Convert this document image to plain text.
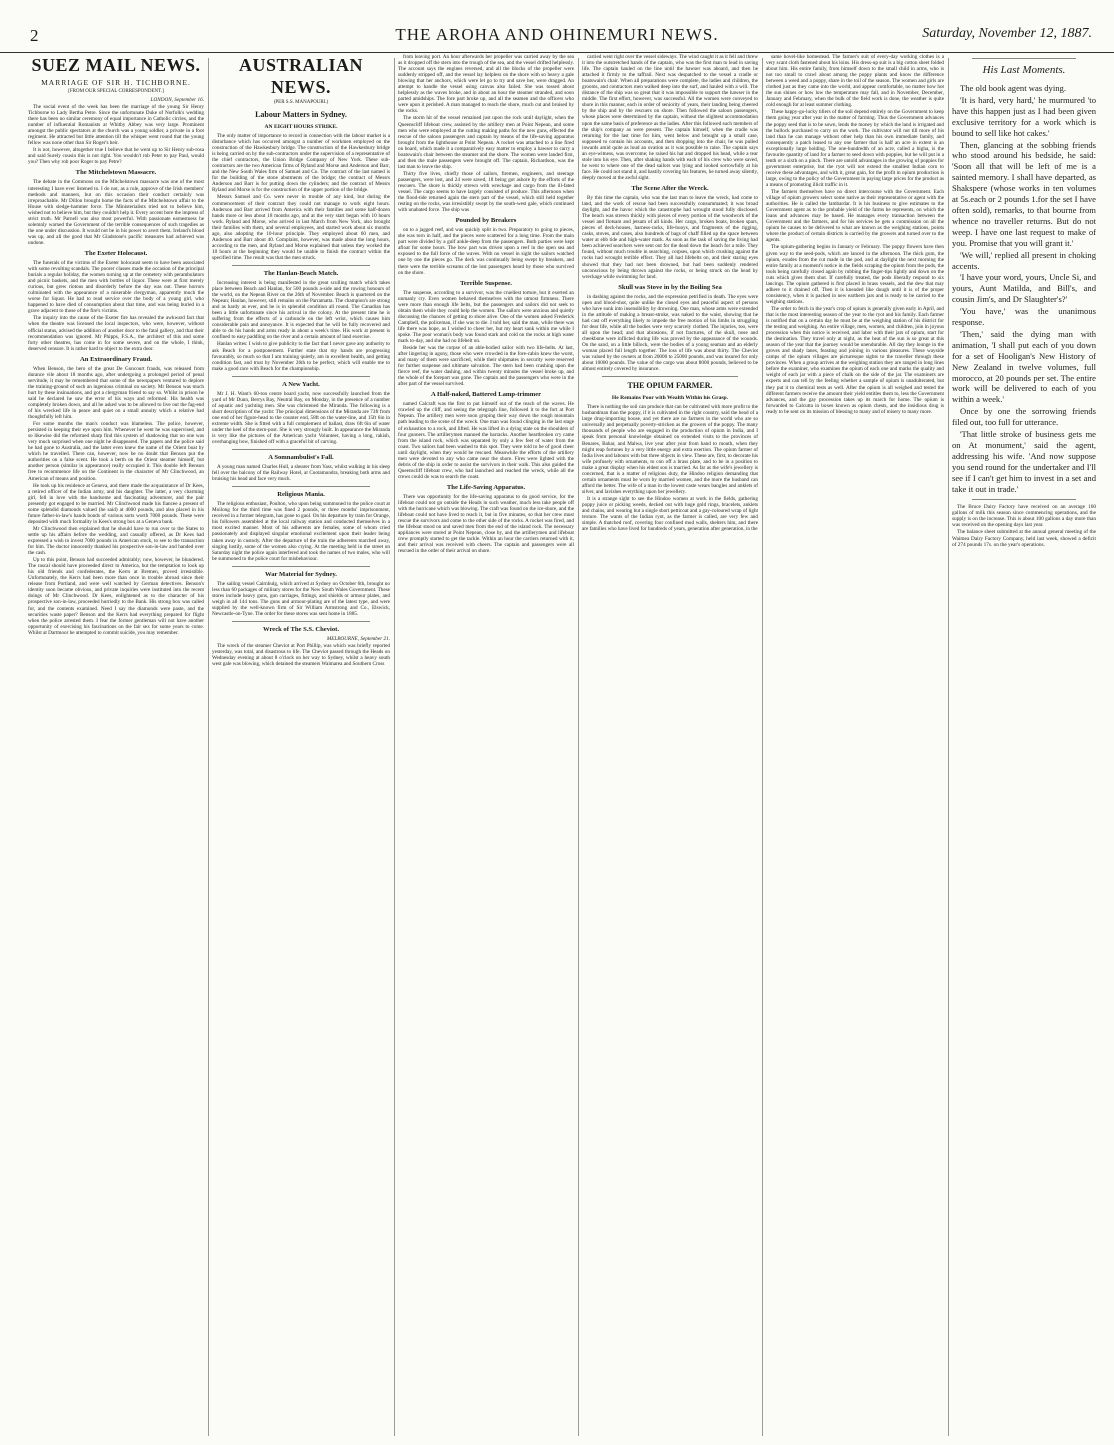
2	THE AROHA AND OHINEMURI NEWS.	Saturday, November 12, 1887.
SUEZ MAIL NEWS.
MARRIAGE OF SIR H. TICHBORNE.
[FROM OUR SPECIAL CORRESPONDENT.]
LONDON, September 16.

The social event of the week has been the marriage of the young Sir Henry Tichborne to Lady Bertha Petre. Since the unfortunate Duke of Norfolk's wedding there has been no similar ceremony of equal importance in Catholic circles, and the number of influential Romanists at Whitby Abbey was very large. Prominent amongst the public spectators at the church was a young soldier, a private in a foot regiment. He attracted but little attention till the whisper went round that the young fellow was none other than Sir Roger's heir.

It is not, however, altogether true I believe that he went up to Sir Henry sub-rosa and said Surely cousin this is not right. You wouldn't rob Peter to pay Paul, would you? Then why rob poor Roger to pay Petre?

The Mitchelstown Massacre.

The debate in the Commons on the Mitchelstown massacre was one of the most interesting I have ever listened to. I do not, as a rule, approve of the Irish members' methods and manners, but on this occasion their conduct certainly was irreproachable. Mr Dillon brought home the facts of the Mitchelstown affair to the House with sledge-hammer force. The Ministerialists tried not to believe him, wished not to believe him, but they couldn't help it. Every accent bore the impress of strict truth. Mr Parnell was also most powerful. With passionate earnestness he solemnly warned the Government of the terrible consequences of such tragedies as the one under discussion. It would not be in his power to avert them. Ireland's blood was up, and all the good that Mr Gladstone's pacific measures had achieved was undone.

The Exeter Holocaust.

The funerals of the victims of the Exeter holocaust seem to have been associated with some revolting scandals. The poorer classes made the occasion of the principal burials a regular holiday, the women turning up at the cemetery with perambulators and picnic baskets, and the men with bottles of liquor. These were at first merely curious, but grew riotous and disorderly before the day was out. These horrors culminated with the appearance of a miserable clergyman, apparently much the worse for liquor. He had to read service over the body of a young girl, who happened to have died of consumption about that time, and was being buried in a grave adjacent to those of the fire's victims.

The inquiry into the cause of the Exeter fire has revealed the awkward fact that when the theatre was licensed the local inspectors, who were, however, without official status, advised the addition of another door to the fatal gallery, and that their recommendation was ignored. Mr Phipps, F.S.A., the architect of this and some forty other theatres, has come in for some severe, and on the whole, I think, deserved censure. It is rather hard to object to the extra door.

An Extraordinary Fraud.

When Benson, the hero of the great De Goncourt frauds, was released from durance vile about 18 months ago, after undergoing a prolonged period of penal servitude, it may be remembered that some of the newspapers ventured to deplore the training-ground of such an ingenious criminal on society. Mr Benson was much hurt by these insinuations, and got a clergyman friend to say so. Whilst in prison he said he declared he saw the error of his ways and reformed. His health was completely broken down, and all he asked was to be allowed to live out the fag-end of his wrecked life in peace and quiet on a small annuity which a relative had thoughtfully left him.

For some months the man's conduct was blameless. The police, however, persisted in keeping their eye upon him. Whenever he went he was supervised, and so likewise did the reformed sharp find this system of shadowing that no one was very much surprised when one night he disappeared. The papers and the police said he had gone to Australia, and the latter even knew the name of the Orient boat by which he travelled. There can, however, now be no doubt that Benson put the authorities on a false scent. He took a berth on the Orient steamer himself, but another person (similar in appearance) really occupied it. This double left Benson free to recommence life on the Continent in the character of Mr Clinchwood, an American of means and position.

He took up his residence at Geneva, and there made the acquaintance of Dr Kees, a retired officer of the Indian army, and his daughter. The latter, a very charming girl, fell in love with the handsome and fascinating adventurer, and the pair presently got engaged to be married. Mr Clinchwood made his fiancee a present of some splendid diamonds valued (he said) at 4000 pounds, and also placed in his future father-in-law's hands bonds of various sorts worth 7000 pounds. These were deposited with much formality in Kees's strong box at a Geneva bank.

Mr Clinchwood then explained that he should have to run over to the States to settle up his affairs before the wedding, and casually offered, as Dr Kees had expressed a wish to invest 7000 pounds in American stock, to see to the transaction for him. The doctor innocently thanked his prospective son-in-law and handed over the cash.

Up to this point, Benson had succeeded admirably; now, however, he blundered. The rascal should have proceeded direct to America, but the temptation to look up his old friends and confederates, the Kerrs at Bremen, proved irresistible. Unfortunately, the Kerrs had been more than once in trouble abroad since their release from Portland, and were well watched by German detectives. Benson's identity soon became obvious, and private inquiries were instituted into the recent doings of Mr Clinchwood. Dr Kees, enlightened as to the character of his prospective son-in-law, proceeded hurriedly to the Bank. His strong box was called for, and the contents examined. Need I say the diamonds were paste, and the securities waste paper? Benson and the Kerrs had everything prepared for flight when the police arrested them. I fear the former gentleman will not have another opportunity of exercising his fascinations on the fair sex for some years to come. Whilst at Dartmoor he attempted to commit suicide, you may remember.

AUSTRALIAN NEWS.
(PER S.S. MANAPOURI.)
Labour Matters in Sydney.
AN EIGHT HOURS STRIKE.

The only matter of importance to record in connection with the labour market is a disturbance which has occurred amongst a number of workmen employed on the construction of the Hawkesbury bridge. The construction of the Hawkesbury bridge is being carried on by the sub-contractors under the supervision of a representative of the chief contractors, the Union Bridge Company of New York. These sub-contractors are the two American firms of Ryland and Morse and Anderson and Barr, and the New South Wales firm of Samuel and Co. The contract of the last named is for the building of the stone abutments of the bridge; the contract of Messrs Anderson and Barr is for putting down the cylinders; and the contract of Messrs Ryland and Morse is for the construction of the upper portion of the bridge.

Messrs Samuel and Co. were never in trouble of any kind, but during the commencement of their contract they could not manage to work eight hours. Anderson and Barr arrived from America with their families and some half-dozen hands more or less about 18 months ago, and at the very start began with 10 hours work. Ryland and Morse, who arrived in last March from New York, also brought their families with them, and several employees, and started work about six months ago, also adopting the 10-hour principle. They employed about 60 men, and Anderson and Barr about 40. Complaint, however, was made about the long hours, according to the men, and Ryland and Morse explained that unless they worked the 10 hours at the beginning they would be unable to finish the contract within the specified time. The result was that the men struck.

The Hanlan-Beach Match.

Increasing interest is being manifested in the great sculling match which takes place between Beach and Hanlan, for 500 pounds a-side and the rowing honours of the world, on the Nepean River on the 26th of November. Beach is quartered on the Nepean; Hanlan, however, still remains on the Parramatta. The champion's are strong and as hardy as ever, and he is in splendid condition all round. The Canadian has been a little unfortunate since his arrival in the colony. At the present time he is suffering from the effects of a carbuncle on the left wrist, which causes him considerable pain and annoyance. It is expected that he will be fully recovered and able to do his hands and arms ready in about a week's time. His work at present is confined to easy paddling on the river and a certain amount of land exercise.

Hanlan writes: I wish to give publicity to the fact that I never gave any authority to ask Beach for a postponement. Further state that my hands are progressing favourably, so much so that I am training quietly, am in excellent health, and getting condition fast, and trust by November 26th to be perfect, which will enable me to make a good race with Beach for the championship.

A New Yacht.

Mr J. H. Want's 60-ton centre board yacht, now successfully launched from the yard of Mr Dunn, Berrys Bay, Neutral Bay, on Monday, in the presence of a number of aquatic and yachting men. She was christened the Miranda. The following is a short description of the yacht: The principal dimensions of the Miranda are 73ft from one end of her figure-head to the counter end, 58ft on the water-line, and 15ft 6in in extreme width. She is fitted with a full complement of ballast, draw 6ft 6in of water under the keel of the stern-post. She is very strongly built. In appearance the Miranda is very like the pictures of the American yacht Volunteer, having a long, rakish, overhanging bow, finished off with a graceful bit of carving.

A Somnambulist's Fall.

A young man named Charles Hull, a shearer from Yass, whilst walking in his sleep fell over the balcony of the Railway Hotel, at Cootamundra, breaking both arms and bruising his head and face very much.

Religious Mania.

The religious enthusiast, Poulton, who upon being summoned to the police court at Moilong for the third time was fined 2 pounds, or three months' imprisonment, received in a former telegram, has gone to gaol. On his departure by train for Orange, his followers assembled at the local railway station and conducted themselves in a most excited manner. Most of his adherents are females, some of whom cried passionately and displayed singular emotional excitement upon their leader being taken away in custody. After the departure of the train the adherents marched away, singing lustily, some of the women also crying. At the meeting held in the street on Saturday night the police again interfered and took the names of two males, who will be summoned to the police court for misbehaviour.

War Material for Sydney.

The sailing vessel Cairnbulg, which arrived at Sydney on October 6th, brought no less than 60 packages of military stores for the New South Wales Government. These stores include heavy guns, gun carriages, fittings, and shields or armour plates, and weigh in all 144 tons. The guns and armour-plating are of the latest type, and were supplied by the well-known firm of Sir William Armstrong and Co., Elswick, Newcastle-on-Tyne. The order for these stores was sent home in 1885.

Wreck of The S.S. Cheviot.
MELBOURNE, September 21.

The wreck of the steamer Cheviot at Port Phillip, was which was briefly reported yesterday, was total, and disastrous to life. The Cheviot passed through the Heads on Wednesday evening at about 8 o'clock on her way to Sydney, whilst a heavy south west gale was blowing, which detained the steamers Waimarea and Southern Cross

from leaving port. An hour afterwards her propeller was carried away by the sea as it dropped off the stern into the trough of the sea, and the vessel drifted helplessly. The account says the engines reversed, and all the blocks of the propeller were suddenly stripped off, and the vessel lay helpless on the shore with so heavy a gale blowing that her anchors, which were let go to try and save her, were dragged. An attempt to handle the vessel using canvas also failed. She was tossed about helplessly as the waves broke, and in about an hour the steamer stranded, and soon parted amidships. The fore part broke up, and all the seamen and the officers who were upon it perished. A man managed to reach the shore, much cut and bruised by the rocks.

The storm hit of the vessel remained just upon the rock until daylight, when the Queenscliff lifeboat crew, assisted by the artillery men at Point Nepean, and some men who were employed at the cutting making paths for the new guns, effected the rescue of the saloon passengers and captain by means of the life-saving apparatus brought from the lighthouse at Point Nepean. A rocket was attached to a line fired on board, which made it a comparatively easy matter to employ a hawser to carry a boatswain's chair between the steamer and the shore. The women were landed first, and then the male passengers were brought off. The captain, Richardson, was the last man to leave the ship.

Thirty five lives, chiefly those of sailors, firemen, engineers, and steerage passengers, were lost, and 24 were saved, 18 being got ashore by the efforts of the rescuers. The shore is thickly strewn with wreckage and cargo from the ill-fated vessel. The cargo seems to have largely consisted of produce. This afternoon when the flood-tide returned again the stern part of the vessel, which still held together resting on the rocks, was irresistibly swept by the south-west gale, which continued with unabated force. The ship was

Pounded by Breakers

on to a jagged reef, and was quickly split in two. Preparatory to going to pieces, she was torn in half, and the pieces were scattered for a long time. From the main part were divided by a gulf ankle-deep from the passengers. Both parties were kept afloat for some hours. The bow part was driven upon a reef in the open sea and exposed to the full force of the waves. With no vessel in sight the sailors watched one by one the pieces go. The deck was continually being swept by breakers, and there were the terrible screams of the lost passengers heard by those who survived on the shore.

Terrible Suspense.

The suspense, according to a survivor, was the cruellest torture, but it exerted an unmanly cry. Even women behaved themselves with the utmost firmness. There were more than enough life belts, but the passengers and sailors did not seek to obtain them while they could help the women. The sailors were anxious and quietly discussing the chances of getting to shore alive. One of the women asked Frederick Campbell, the policeman, if she was to die. I told her, said the man, while there was life there was hope, as I wished to cheer her, but my heart sank within me while I spoke. The poor woman's body was found stark and cold on the rocks at high water mark to-day, and she had no lifebelt on.

Beside her was the corpse of an able-bodied sailor with two life-belts. At last, after lingering in agony, those who were crowded in the fore-cabin knew the worst, and many of them were sacrificed, while their shipmates in security were reserved for further suspense and ultimate salvation. The stern had been crashing upon the fierce reef, the water dashing, and within twenty minutes the vessel broke up, and the whole of the forepart was gone. The captain and the passengers who were in the after part of the vessel survived.

A Half-naked, Battered Lamp-trimmer

named Calcraft was the first to put himself out of the reach of the waves. He crawled up the cliff, and seeing the telegraph line, followed it to the fort at Port Nepean. The artillery men were soon groping their way down the rough mountain path leading to the scene of the wreck. One man was found clinging in the last stage of exhaustion to a rock, and lifted. He was lifted in a dying state on the shoulders of four gunners. The artillerymen manned the barracks. Another heartbroken cry came from the island rock, which was separated by only a few feet of water from the coast. Two sailors had been washed to this spot. They were told to be of good cheer until daylight, when they would be rescued. Meanwhile the efforts of the artillery men were devoted to any who came near the shore. Fires were lighted with the debris of the ship in order to assist the survivors in their walk. This also guided the Queenscliff lifeboat crew, who had launched and reached the wreck, while all the crews could do was to search the coast.

The Life-Saving Apparatus.

There was opportunity for the life-saving apparatus to do good service, for the lifeboat could not go outside the Heads in such weather, much less take people off with the hurricane which was blowing. The craft was found on the ice-shore, and the lifeboat could not have lived to reach it, but in five minutes, so that her crew must rescue the survivors and come to the other side of the rocks. A rocket was fired, and the lifeboat stood on and saved men from the end of the island rock. The necessary appliances were stored at Point Nepean, close by, and the artillerymen and lifeboat crew promptly started to get the tackle. Within an hour the carriers returned with it, and their arrival was received with cheers. The captain and passengers were all rescued in the order of their arrival on shore.

carried went right over the vessel sideways. The wind caught it as it fell and threw it into the outstretched hands of the captain, who was the first man to lead in saving life. The captain hauled on the line until the hawser was aboard, and then he attached it firmly to the taffrail. Next was despatched to the vessel a cradle or boatswain's chair. When all preparations were complete, the ladies and children, the grooms, and contractors men walked deep into the surf, and hauled with a will. The distance of the ship was so great that it was impossible to support the hawser in the middle. The first effort, however, was successful. All the women were conveyed to shore in this manner, each in order of seniority of years, their landing being cheered by the ship and by the rescuers on shore. Then followed the saloon passengers, whose places were determined by the captain, without the slightest accommodation upon the same basis of preference as the ladies. After this followed such members of the ship's company as were present. The captain himself, when the cradle was returning for the last time for him, went below and brought up a small case, supposed to contain his accounts, and then dropping into the chair, he was pulled inwards amid quite as loud an ovation as it was possible to raise. The captain says an eye-witness, was overcome; he raised his hat and dropped his head, while a tear stole into his eye. Then, after shaking hands with each of his crew who were saved, he went to where one of the dead sailors was lying and looked sorrowfully at his face. He could not stand it, and hastily covering his features, he turned away silently, deeply moved at the awful sight.

The Scene After the Wreck.

By this time the captain, who was the last man to leave the wreck, had come to land, and the work of rescue had been successfully consummated; it was broad daylight, and the havoc which the catastrophe had wrought stood fully disclosed. The beach was strewn thickly with pieces of every portion of the woodwork of the vessel and flotsam and jetsam of all kinds. Her cargo, broken boats, broken spars, pieces of deck-houses, harness-racks, life-buoys, and fragments of the rigging, casks, stoves, and cases, also hundreds of bags of chaff filled up the space between water at ebb tide and high-water mark. As soon as the task of saving the living had been achieved searchers were sent out for the dead down the beach for a mile. They found, without much trouble in searching, corpses, upon which crushing against the rocks had wrought terrible effect. They all had lifebelts on, and their staring eyes showed that they had not been drowned, but had been suddenly rendered unconscious by being thrown against the rocks, or being struck on the head by wreckage while swimming for land.

Skull was Stove in by the Boiling Sea

in dashing against the rocks, and the expression petrified in death. The eyes were open and blood-shot, quite unlike the closed eyes and peaceful aspect of persons who have sunk into insensibility by drowning. One man, whose arms were extended in the attitude of making a breast-stroke, was naked to the waist, showing that he had cast off everything likely to impede the free motion of his limbs in struggling for dear life, while all the bodies were very scarcely clothed. The injuries, too, were all upon the head; and that abrasions, if not fractures, of the skull, nose and cheekbone were inflicted during life was proved by the appearance of the wounds. On the sand, on a little hillock, were the bodies of a young seaman and an elderly woman placed full length together. The loss of life was about thirty. The Cheviot was valued by the owners at from 20000 to 25000 pounds, and was insured for only about 10000 pounds. The value of the cargo was about 8000 pounds, believed to be almost entirely covered by insurance.

THE OPIUM FARMER.
He Remains Poor with Wealth Within his Grasp.

There is nothing the soil can produce that can be cultivated with more profit to the husbandman than the poppy, if it is cultivated in the right country, said the head of a large drug-importing house, and yet there are no farmers in the world who are so universally and perpetually poverty-stricken as the growers of the poppy. The many thousands of people who are engaged in the production of opium in India, and I speak from personal knowledge obtained on extended visits to the provinces of Benares, Bahar, and Malwa, live year after year from hand to mouth, when they might reap fortunes by a very little energy and extra exertion. The opium farmer of India lives and labours with but three objects in view. These are, first, to decorate his wife profusely with ornaments, to con off a brass plate, and to be in a position to make a great display when his eldest son is married. As far as the wife's jewellery is concerned, that is a matter of religious duty, the Hindoo religion demanding that certain ornaments must be worn by married women, and the more the husband can afford the better. The wife of a man in the lowest caste wears bangles and anklets of silver, and lavishes everything upon her jewellery.

It is a strange sight to see the Hindoo women at work in the fields, gathering poppy juice or picking weeds, decked out with huge gold rings, bracelets, anklets and chains, and wearing but a single short petticoat and a gay-coloured wrap of light texture. The wants of the Indian ryot, as the farmer is called, are very few and simple. A thatched roof, covering four confined mud walls, shelters him, and there are families who have lived for hundreds of years, generation after generation, in the

same hovel-like homestead. The farmer's suit of every-day working clothes is a very scant cloth fastened about his loins. His dress-up suit is a big cotton sheet folded about him. His entire family, from himself down to the small child in arms, who is not too small to crawl about among the poppy plants and know the difference between a weed and a poppy, share in the toil of the season. The women and girls are clothed just as they came into the world, and appear comfortable, no matter how hot the sun shines or how low the temperature may fall, and in November, December, January and February, when the bulk of the field work is done, the weather is quite cold enough for at least summer clothing.

These happy-go-lucky tillers of the soil depend entirely on the Government to keep them going year after year in the matter of farming. Thus the Government advances the poppy seed that is to be sown, lends the money by which the land is irrigated and the bullock purchased to carry on the work. The cultivator will not till more of his land than he can manage without other help than his own immediate family, and consequently a patch leased to any one farmer that is half an acre in extent is an exceptionally large holding. The one-hundredth of an acre, called a bigha, is the favourite quantity of land for a farmer to seed down with poppies, but he will put in a tenth or a sixth on a pinch. There are untold advantages in the growing of poppies for government enterprise, but the ryot will not extend the smallest Indian corn to receive these advantages, and with it, great gain, for the profit in opium production is large, owing to the policy of the Government in paying large prices for the product as a means of promoting illicit traffic in it.

The farmers themselves have no direct intercourse with the Government. Each village of opium growers select some native as their representative or agent with the authorities. He is called the lambardar. It is his business to give estimates to the Government agent as to the probable yield of the farms he represents, on which the loans and advances may be based. He manages every transaction between the Government and the farmers, and for his services he gets a commission on all the opium he causes to be delivered to what are known as the weighing stations, points where the product of certain districts is carried by the growers and turned over to the agents.

The opium-gathering begins in January or February. The poppy flowers have then given way to the seed-pods, which are lanced in the afternoon. The thick gum, the opium, exudes from the cut made in the pod, and at daylight the next morning the entire family at a moment's notice in the fields scraping the opium from the pods, the tools being carefully closed again by rubbing the finger-tips lightly and down on the cuts which gives them shut. If carefully treated, the pods liberally respond to six lancings. The opium gathered is first placed in brass vessels, and the dew that may adhere to it drained off. Then it is kneaded like dough until it is of the proper consistency, when it is packed in new earthern jars and is ready to be carried to the weighing stations.

The order to fetch in the year's crop of opium is generally given early in April, and that is the most interesting season of the year to the ryot and his family. Each farmer is notified that on a certain day he must be at the weighing station of his district for the testing and weighing. An entire village, men, women, and children, join in joyous procession when this notice is received, and labor with their jars of opium, start for the destination. They travel only at night, as the heat of the sun is so great at this season of the year that the journey would be unendurable. All day they lounge in the groves and shady lanes, feasting and joining in various pleasures. These wayside camps of the opium villages are picturesque sights to the traveller through these provinces. When a group arrives at the weighing station they are ranged in long lines before the examiner, who examines the opium of each one and marks the quality and weight of each jar with a piece of chalk on the side of the jar. The examiners are experts and can tell by the feeling whether a sample of opium is unadulterated, but they put it to chemical tests as well. After the opium is all weighed and tested the different farmers receive the amount their yield entitles them to, less the Government advances, and the gay procession takes up its march for home. The opium is forwarded to Calcutta in boxes known as opium chests, and the insidious drug is ready to be sent on its mission of blessing to many and of misery to many more.

His Last Moments.

The old book agent was dying.

'It is hard, very hard,' he murmured 'to have this happen just as I had been given exclusive territory for a work which is bound to sell like hot cakes.'

Then, glancing at the sobbing friends who stood around his bedside, he said: 'Soon all that will be left of me is a sainted memory. I shall have departed, as Shakspere (whose works in ten volumes at 5s.each or 2 pounds 1.for the set I have often sold), remarks, to that bourne from whence no traveller returns. But do not weep. I have one last request to make of you. Promise that you will grant it.'

'We will,' replied all present in choking accents.

'I have your word, yours, Uncle Si, and yours, Aunt Matilda, and Bill's, and cousin Jim's, and Dr Slaughter's?'

'You have,' was the unanimous response.

'Then,' said the dying man with animation, 'I shall put each of you down for a set of Hooligan's New History of New Zealand in twelve volumes, full morocco, at 20 pounds per set. The entire work will be delivered to each of you within a week.'

Once by one the sorrowing friends filed out, too full for utterance.

'That little stroke of business gets me on At monument,' said the agent, addressing his wife. 'And now suppose you send round for the undertaker and I'll see if I can't get him to invest in a set and take it out in trade.'

The Bruce Dairy Factory have received on an average 160 gallons of milk this season since commencing operations, and the supply is on the increase. This is about 100 gallons a day more than was received on the opening days last year.

The balance sheet submitted at the annual general meeting of the Waimea Dairy Factory Company, held last week, showed a deficit of 274 pounds 17s. on the year's operations.
